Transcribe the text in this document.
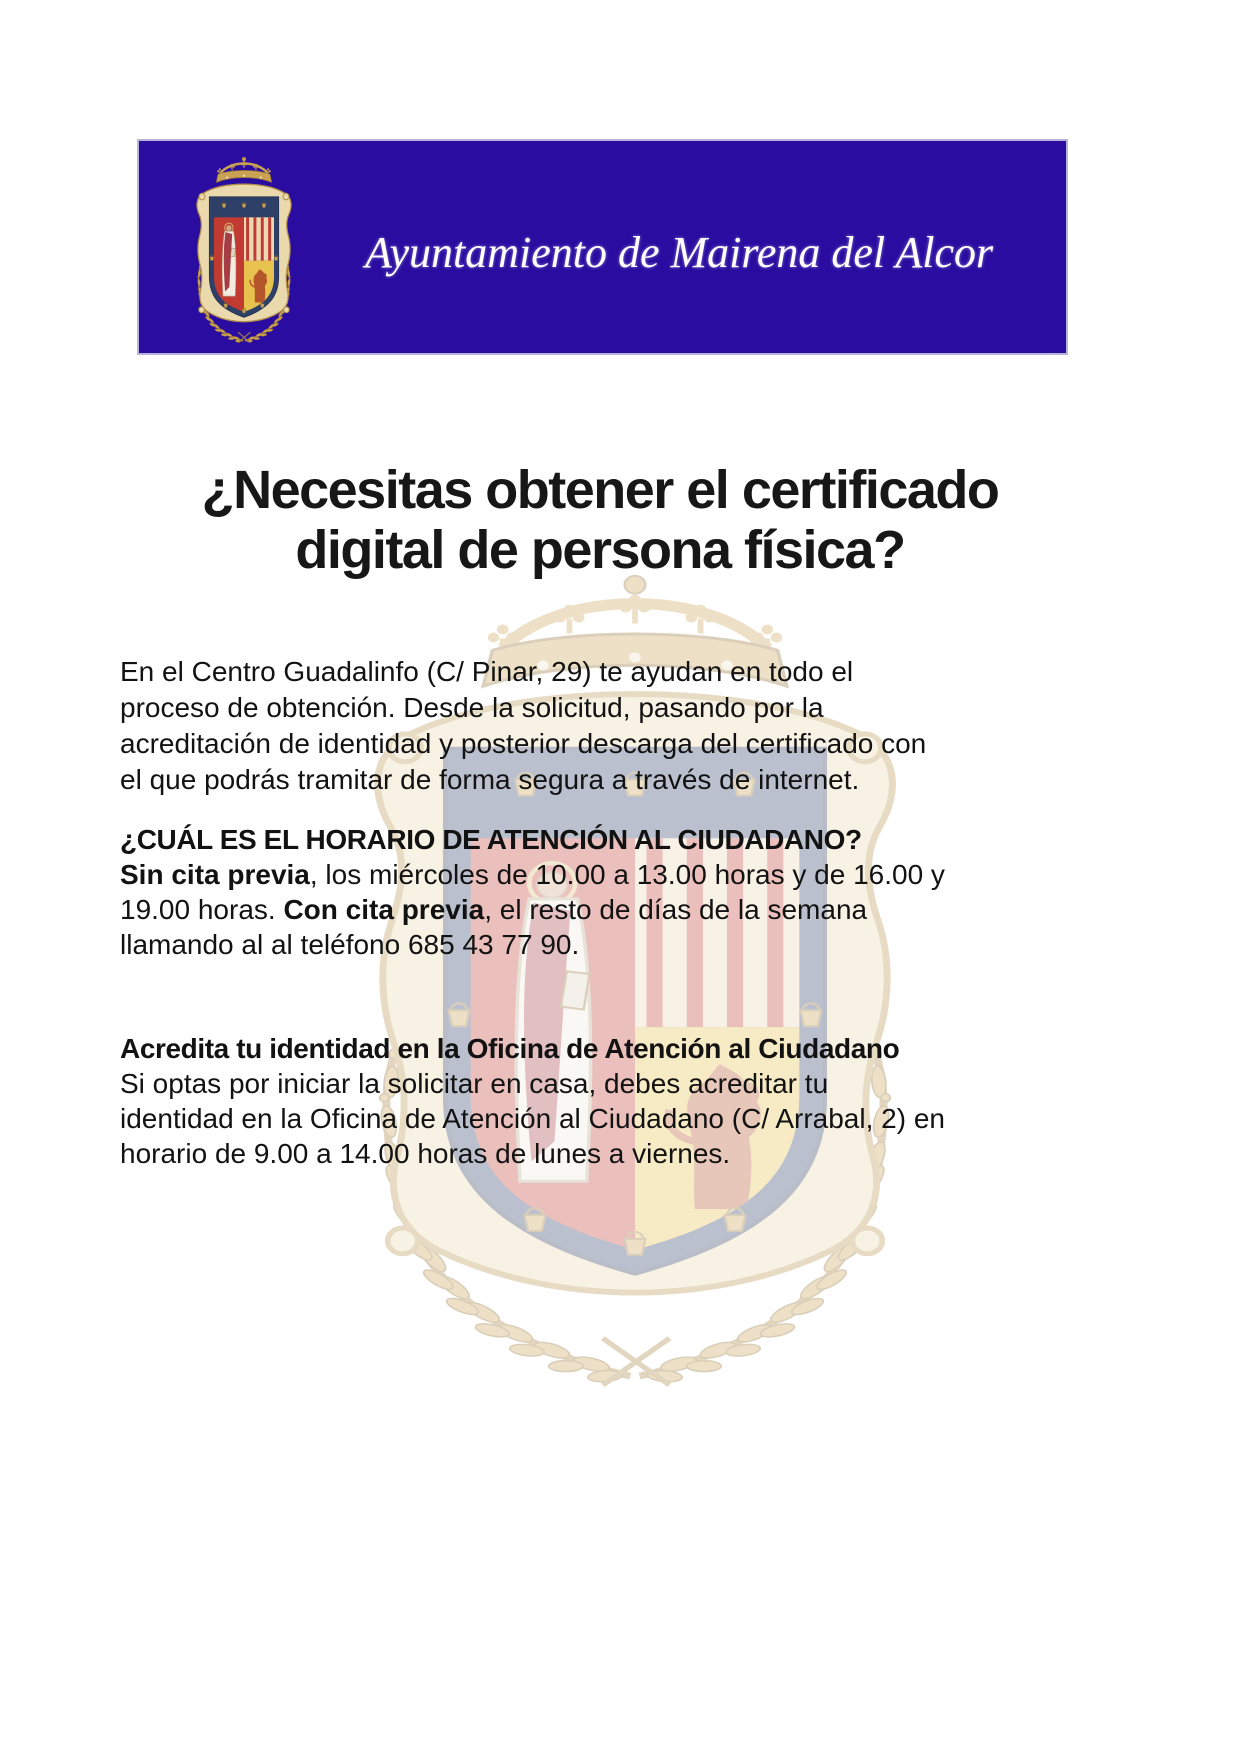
Ayuntamiento de Mairena del Alcor
¿Necesitas obtener el certificado
digital de persona física?
En el Centro Guadalinfo (C/ Pinar, 29) te ayudan en todo el
proceso de obtención. Desde la solicitud, pasando por la
acreditación de identidad y posterior descarga del certificado con
el que podrás tramitar de forma segura a través de internet.
¿CUÁL ES EL HORARIO DE ATENCIÓN AL CIUDADANO?
Sin cita previa, los miércoles de 10.00 a 13.00 horas y de 16.00 y
19.00 horas. Con cita previa, el resto de días de la semana
llamando al al teléfono 685 43 77 90.
Acredita tu identidad en la Oficina de Atención al Ciudadano
Si optas por iniciar la solicitar en casa, debes acreditar tu
identidad en la Oficina de Atención al Ciudadano (C/ Arrabal, 2) en
horario de 9.00 a 14.00 horas de lunes a viernes.
